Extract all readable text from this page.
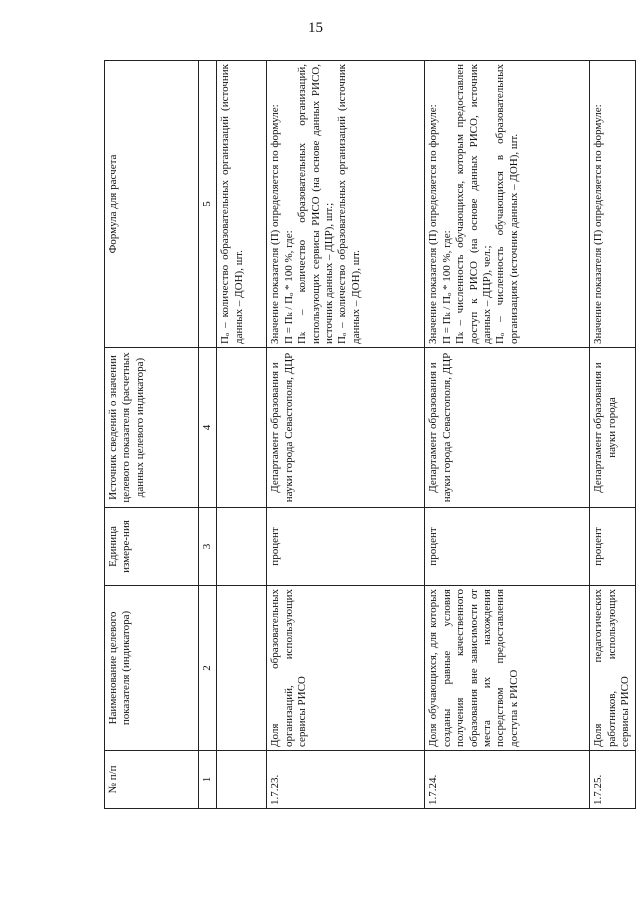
15
№ п/п	Наименование целевого показателя (индикатора)	Единица измере-ния	Источник сведений о значении целевого показателя (расчетных данных целевого индикатора)	Формула для расчета
1	2	3	4	5

				Пₒ – количество образовательных организаций (источник данных – ДОН), шт.

1.7.23.	Доля образовательных организаций, использующих сервисы РИСО	процент	Департамент образования и науки города Севастополя, ДЦР	Значение показателя (П) определяется по формуле: П = Пₖ / Пₒ * 100 %, где: Пₖ – количество образовательных организаций, использующих сервисы РИСО (на основе данных РИСО, источник данных – ДЦР), шт.; Пₒ – количество образовательных организаций (источник данных – ДОН), шт.

1.7.24.	Доля обучающихся, для которых созданы равные условия получения качественного образования вне зависимости от места их нахождения посредством предоставления доступа к РИСО	процент	Департамент образования и науки города Севастополя, ДЦР	Значение показателя (П) определяется по формуле: П = Пₖ / Пₒ * 100 %, где: Пₖ – численность обучающихся, которым предоставлен доступ к РИСО (на основе данных РИСО, источник данных – ДЦР), чел.; Пₒ – численность обучающихся в образовательных организациях (источник данных – ДОН), шт.

1.7.25.	Доля педагогических работников, использующих сервисы РИСО	процент	Департамент образования и науки города	Значение показателя (П) определяется по формуле:
